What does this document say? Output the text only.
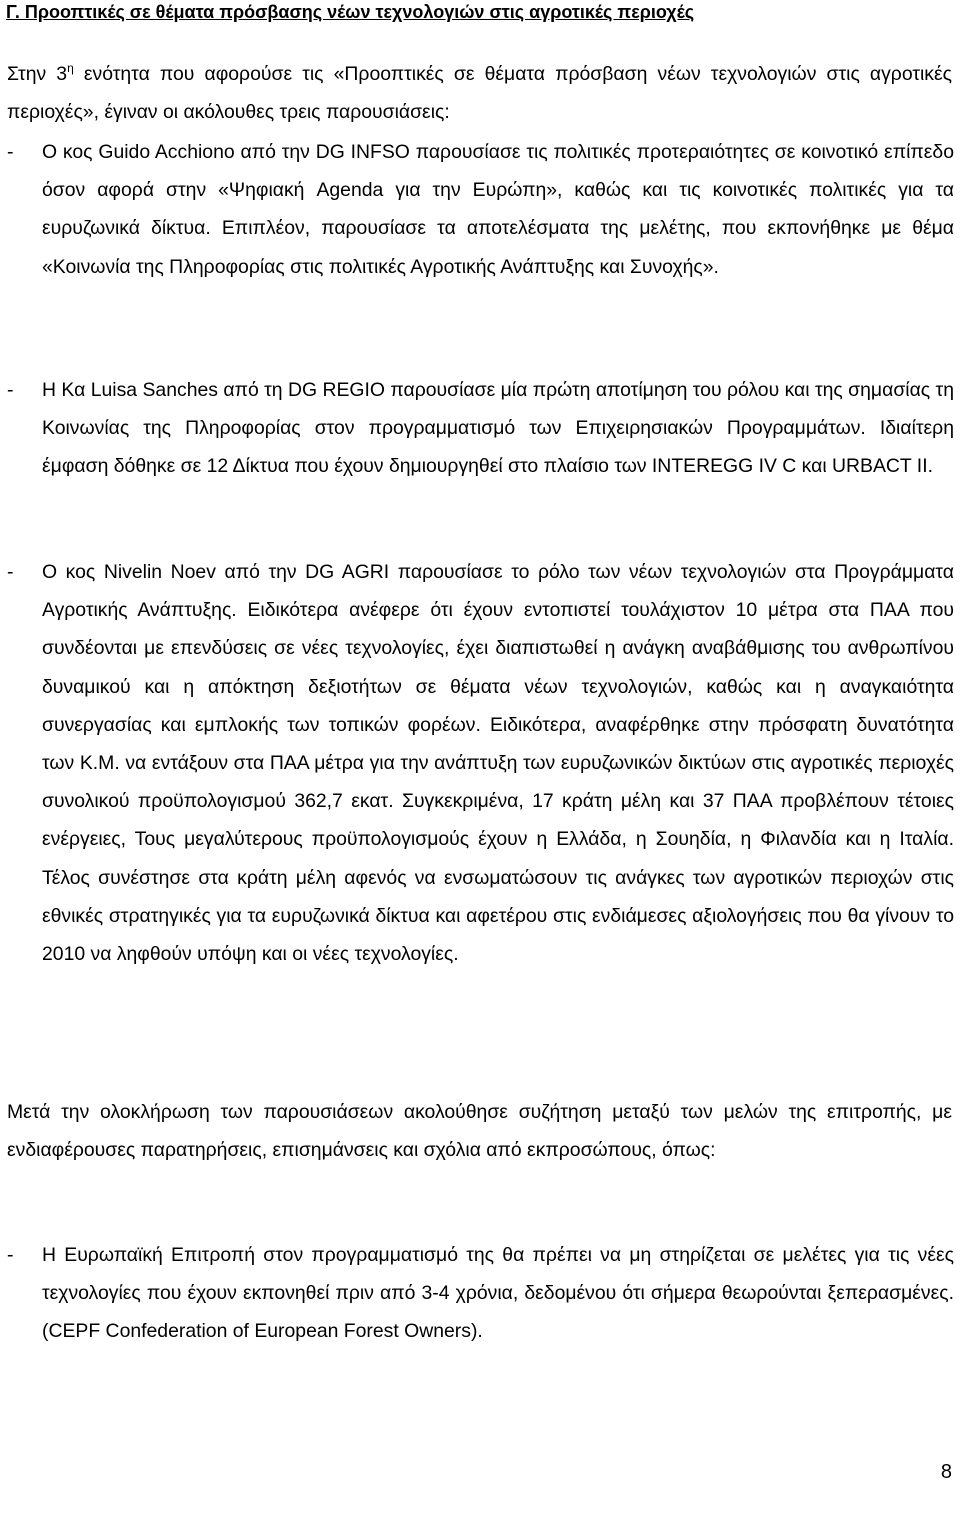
Γ. Προοπτικές σε θέματα πρόσβασης νέων τεχνολογιών στις αγροτικές περιοχές

Στην $3^\eta$ ενότητα που αφορούσε τις «Προοπτικές σε θέματα πρόσβαση νέων τεχνολογιών στις αγροτικές περιοχές», έγιναν οι ακόλουθες τρεις παρουσιάσεις:

- Ο κος Guido Acchiono από την DG INFSO παρουσίασε τις πολιτικές προτεραιότητες σε κοινοτικό επίπεδο όσον αφορά στην «Ψηφιακή Agenda για την Ευρώπη», καθώς και τις κοινοτικές πολιτικές για τα ευρυζωνικά δίκτυα. Επιπλέον, παρουσίασε τα αποτελέσματα της μελέτης, που εκπονήθηκε με θέμα «Κοινωνία της Πληροφορίας στις πολιτικές Αγροτικής Ανάπτυξης και Συνοχής».

- Η Κα Luisa Sanches από τη DG REGIO παρουσίασε μία πρώτη αποτίμηση του ρόλου και της σημασίας τη Κοινωνίας της Πληροφορίας στον προγραμματισμό των Επιχειρησιακών Προγραμμάτων. Ιδιαίτερη έμφαση δόθηκε σε 12 Δίκτυα που έχουν δημιουργηθεί στο πλαίσιο των INTEREGG IV C και URBACT II.

- Ο κος Nivelin Noev από την DG AGRI παρουσίασε το ρόλο των νέων τεχνολογιών στα Προγράμματα Αγροτικής Ανάπτυξης. Ειδικότερα ανέφερε ότι έχουν εντοπιστεί τουλάχιστον 10 μέτρα στα ΠΑΑ που συνδέονται με επενδύσεις σε νέες τεχνολογίες, έχει διαπιστωθεί η ανάγκη αναβάθμισης του ανθρωπίνου δυναμικού και η απόκτηση δεξιοτήτων σε θέματα νέων τεχνολογιών, καθώς και η αναγκαιότητα συνεργασίας και εμπλοκής των τοπικών φορέων. Ειδικότερα, αναφέρθηκε στην πρόσφατη δυνατότητα των Κ.Μ. να εντάξουν στα ΠΑΑ μέτρα για την ανάπτυξη των ευρυζωνικών δικτύων στις αγροτικές περιοχές συνολικού προϋπολογισμού 362,7 εκατ. Συγκεκριμένα, 17 κράτη μέλη και 37 ΠΑΑ προβλέπουν τέτοιες ενέργειες, Τους μεγαλύτερους προϋπολογισμούς έχουν η Ελλάδα, η Σουηδία, η Φιλανδία και η Ιταλία. Τέλος συνέστησε στα κράτη μέλη αφενός να ενσωματώσουν τις ανάγκες των αγροτικών περιοχών στις εθνικές στρατηγικές για τα ευρυζωνικά δίκτυα και αφετέρου στις ενδιάμεσες αξιολογήσεις που θα γίνουν το 2010 να ληφθούν υπόψη και οι νέες τεχνολογίες.

Μετά την ολοκλήρωση των παρουσιάσεων ακολούθησε συζήτηση μεταξύ των μελών της επιτροπής, με ενδιαφέρουσες παρατηρήσεις, επισημάνσεις και σχόλια από εκπροσώπους, όπως:

- Η Ευρωπαϊκή Επιτροπή στον προγραμματισμό της θα πρέπει να μη στηρίζεται σε μελέτες για τις νέες τεχνολογίες που έχουν εκπονηθεί πριν από 3-4 χρόνια, δεδομένου ότι σήμερα θεωρούνται ξεπερασμένες. (CEPF Confederation of European Forest Owners).

8
